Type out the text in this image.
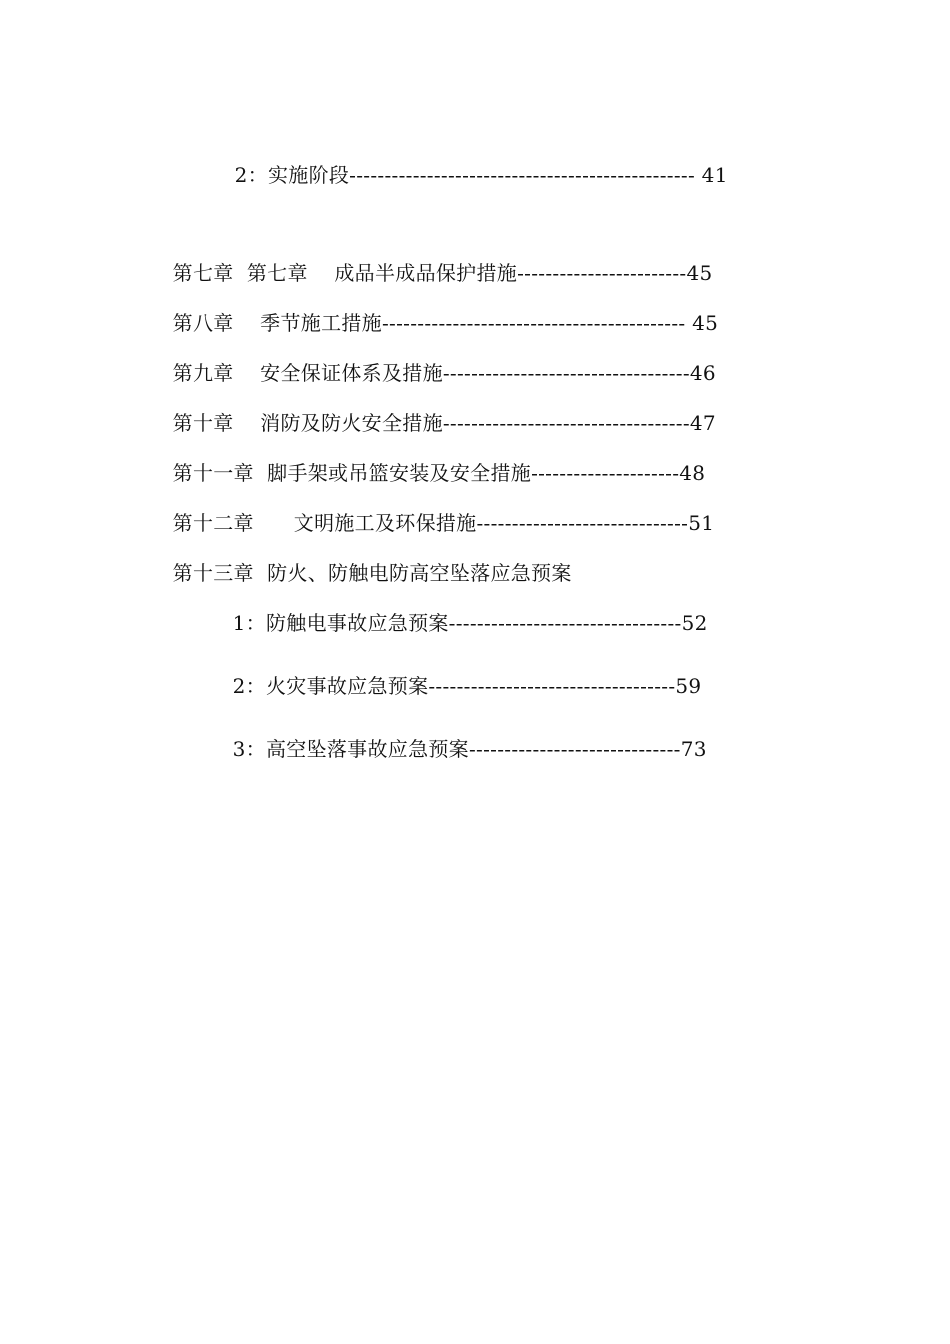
2：实施阶段------------------------------------------------- 41

第七章  第七章    成品半成品保护措施------------------------45

第八章    季节施工措施------------------------------------------- 45

第九章    安全保证体系及措施-----------------------------------46

第十章    消防及防火安全措施-----------------------------------47

第十一章  脚手架或吊篮安装及安全措施---------------------48

第十二章      文明施工及环保措施------------------------------51

第十三章  防火、防触电防高空坠落应急预案

1：防触电事故应急预案---------------------------------52

2：火灾事故应急预案-----------------------------------59

3：高空坠落事故应急预案------------------------------73
